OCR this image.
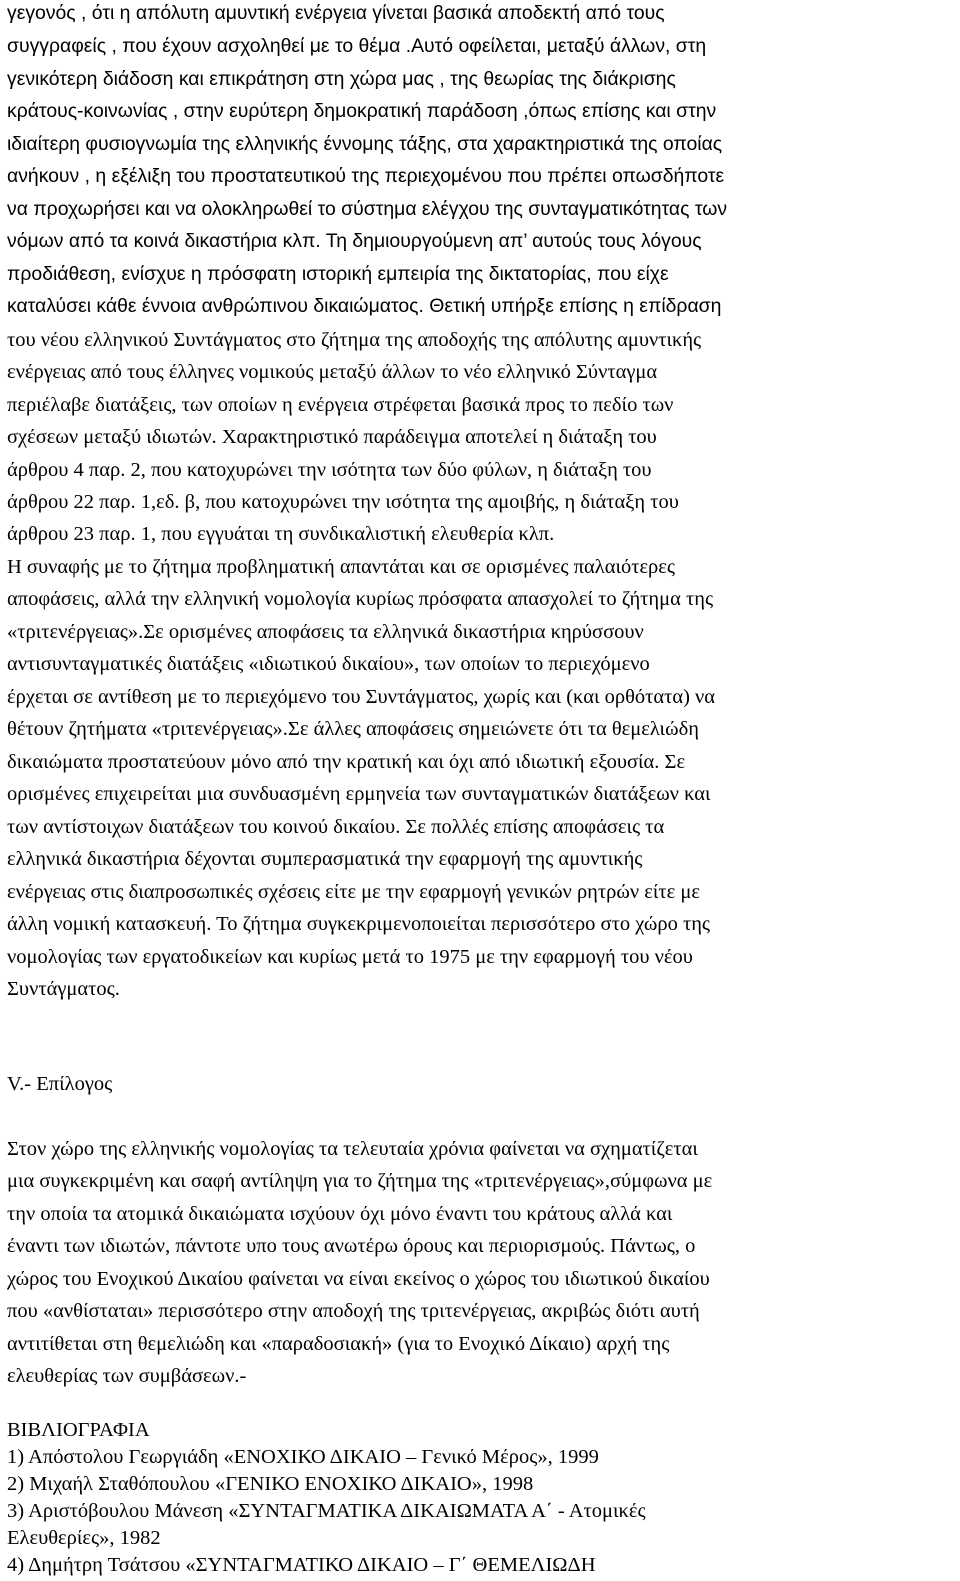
γεγονός , ότι η απόλυτη αμυντική ενέργεια γίνεται βασικά αποδεκτή από τους
συγγραφείς , που έχουν ασχοληθεί με το θέμα .Αυτό οφείλεται, μεταξύ άλλων, στη
γενικότερη διάδοση και επικράτηση στη χώρα μας , της θεωρίας της διάκρισης
κράτους-κοινωνίας , στην ευρύτερη δημοκρατική παράδοση ,όπως επίσης και στην
ιδιαίτερη φυσιογνωμία της ελληνικής έννομης τάξης, στα χαρακτηριστικά της οποίας
ανήκουν , η εξέλιξη του προστατευτικού της περιεχομένου που πρέπει οπωσδήποτε
να προχωρήσει και να ολοκληρωθεί το σύστημα ελέγχου της συνταγματικότητας των
νόμων από τα κοινά δικαστήρια κλπ. Τη δημιουργούμενη απ’ αυτούς τους λόγους
προδιάθεση, ενίσχυε η πρόσφατη ιστορική εμπειρία της δικτατορίας, που είχε
καταλύσει κάθε έννοια ανθρώπινου δικαιώματος. Θετική υπήρξε επίσης η επίδραση
του νέου ελληνικού Συντάγματος στο ζήτημα της αποδοχής της απόλυτης αμυντικής
ενέργειας από τους έλληνες νομικούς μεταξύ άλλων το νέο ελληνικό Σύνταγμα
περιέλαβε διατάξεις, των οποίων η ενέργεια στρέφεται βασικά προς το πεδίο των
σχέσεων μεταξύ ιδιωτών. Χαρακτηριστικό παράδειγμα αποτελεί η διάταξη του
άρθρου 4 παρ. 2, που κατοχυρώνει την ισότητα των δύο φύλων, η διάταξη του
άρθρου 22 παρ. 1,εδ. β, που κατοχυρώνει την ισότητα της αμοιβής, η διάταξη του
άρθρου 23 παρ. 1, που εγγυάται τη συνδικαλιστική ελευθερία κλπ.
Η συναφής με το ζήτημα προβληματική απαντάται και σε ορισμένες παλαιότερες
αποφάσεις, αλλά την ελληνική νομολογία κυρίως πρόσφατα απασχολεί το ζήτημα της
«τριτενέργειας».Σε ορισμένες αποφάσεις τα ελληνικά δικαστήρια κηρύσσουν
αντισυνταγματικές διατάξεις «ιδιωτικού δικαίου», των οποίων το περιεχόμενο
έρχεται σε αντίθεση με το περιεχόμενο του Συντάγματος, χωρίς και (και ορθότατα) να
θέτουν ζητήματα «τριτενέργειας».Σε άλλες αποφάσεις σημειώνετε ότι τα θεμελιώδη
δικαιώματα προστατεύουν μόνο από την κρατική και όχι από ιδιωτική εξουσία. Σε
ορισμένες επιχειρείται μια συνδυασμένη ερμηνεία των συνταγματικών διατάξεων και
των αντίστοιχων διατάξεων του κοινού δικαίου. Σε πολλές επίσης αποφάσεις τα
ελληνικά δικαστήρια δέχονται συμπερασματικά την εφαρμογή της αμυντικής
ενέργειας στις διαπροσωπικές σχέσεις είτε με την εφαρμογή γενικών ρητρών είτε με
άλλη νομική κατασκευή. Το ζήτημα συγκεκριμενοποιείται περισσότερο στο χώρο της
νομολογίας των εργατοδικείων και κυρίως μετά το 1975 με την εφαρμογή του νέου
Συντάγματος.
V.- Επίλογος
Στον χώρο της ελληνικής νομολογίας τα τελευταία χρόνια φαίνεται να σχηματίζεται
μια συγκεκριμένη και σαφή αντίληψη για το ζήτημα της «τριτενέργειας»,σύμφωνα με
την οποία τα ατομικά δικαιώματα ισχύουν όχι μόνο έναντι του κράτους αλλά και
έναντι των ιδιωτών, πάντοτε υπο τους ανωτέρω όρους και περιορισμούς. Πάντως, ο
χώρος του Ενοχικού Δικαίου φαίνεται να είναι εκείνος ο χώρος του ιδιωτικού δικαίου
που «ανθίσταται» περισσότερο στην αποδοχή της τριτενέργειας, ακριβώς διότι αυτή
αντιτίθεται στη θεμελιώδη και «παραδοσιακή» (για το Ενοχικό Δίκαιο) αρχή της
ελευθερίας των συμβάσεων.-
ΒΙΒΛΙΟΓΡΑΦΙΑ
1) Απόστολου Γεωργιάδη «ΕΝΟΧΙΚΟ ΔΙΚΑΙΟ – Γενικό Μέρος», 1999
2) Μιχαήλ Σταθόπουλου «ΓΕΝΙΚΟ ΕΝΟΧΙΚΟ ΔΙΚΑΙΟ», 1998
3) Αριστόβουλου Μάνεση «ΣΥΝΤΑΓΜΑΤΙΚΑ ΔΙΚΑΙΩΜΑΤΑ Α΄ - Ατομικές
Ελευθερίες», 1982
4) Δημήτρη Τσάτσου «ΣΥΝΤΑΓΜΑΤΙΚΟ ΔΙΚΑΙΟ – Γ΄ ΘΕΜΕΛΙΩΔΗ
